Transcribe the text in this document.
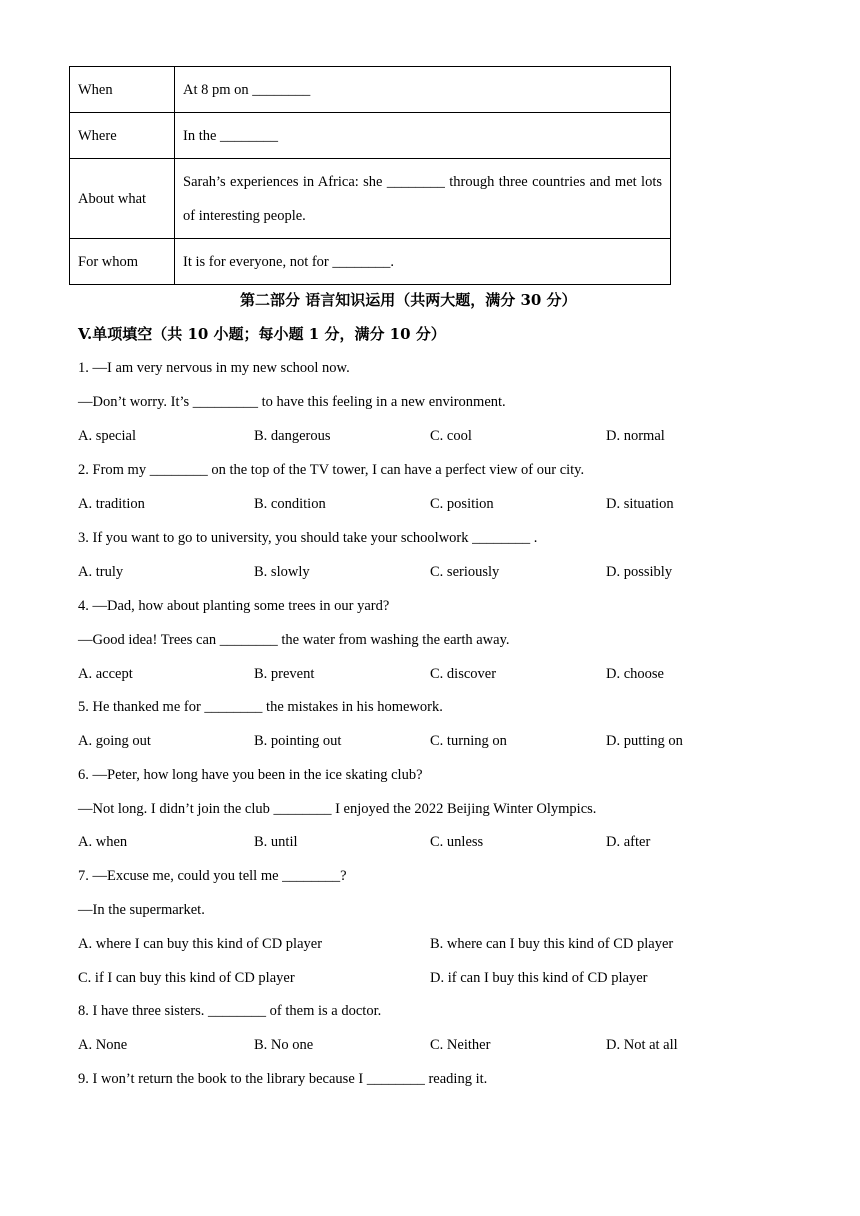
When	At 8 pm on ________
Where	In the ________
About what	Sarah’s experiences in Africa: she ________ through three countries and met lots of interesting people.
For whom	It is for everyone, not for ________.
第二部分 语言知识运用（共两大题，满分 30 分）
V.单项填空（共 10 小题；每小题 1 分，满分 10 分）
1. —I am very nervous in my new school now.
—Don’t worry. It’s _________ to have this feeling in a new environment.
A. special	B. dangerous	C. cool	D. normal
2. From my ________ on the top of the TV tower, I can have a perfect view of our city.
A. tradition	B. condition	C. position	D. situation
3. If you want to go to university, you should take your schoolwork ________ .
A. truly	B. slowly	C. seriously	D. possibly
4. —Dad, how about planting some trees in our yard?
—Good idea! Trees can ________ the water from washing the earth away.
A. accept	B. prevent	C. discover	D. choose
5. He thanked me for ________ the mistakes in his homework.
A. going out	B. pointing out	C. turning on	D. putting on
6. —Peter, how long have you been in the ice skating club?
—Not long. I didn’t join the club ________ I enjoyed the 2022 Beijing Winter Olympics.
A. when	B. until	C. unless	D. after
7. —Excuse me, could you tell me ________?
—In the supermarket.
A. where I can buy this kind of CD player	B. where can I buy this kind of CD player
C. if I can buy this kind of CD player	D. if can I buy this kind of CD player
8. I have three sisters. ________ of them is a doctor.
A. None	B. No one	C. Neither	D. Not at all
9. I won’t return the book to the library because I ________ reading it.
